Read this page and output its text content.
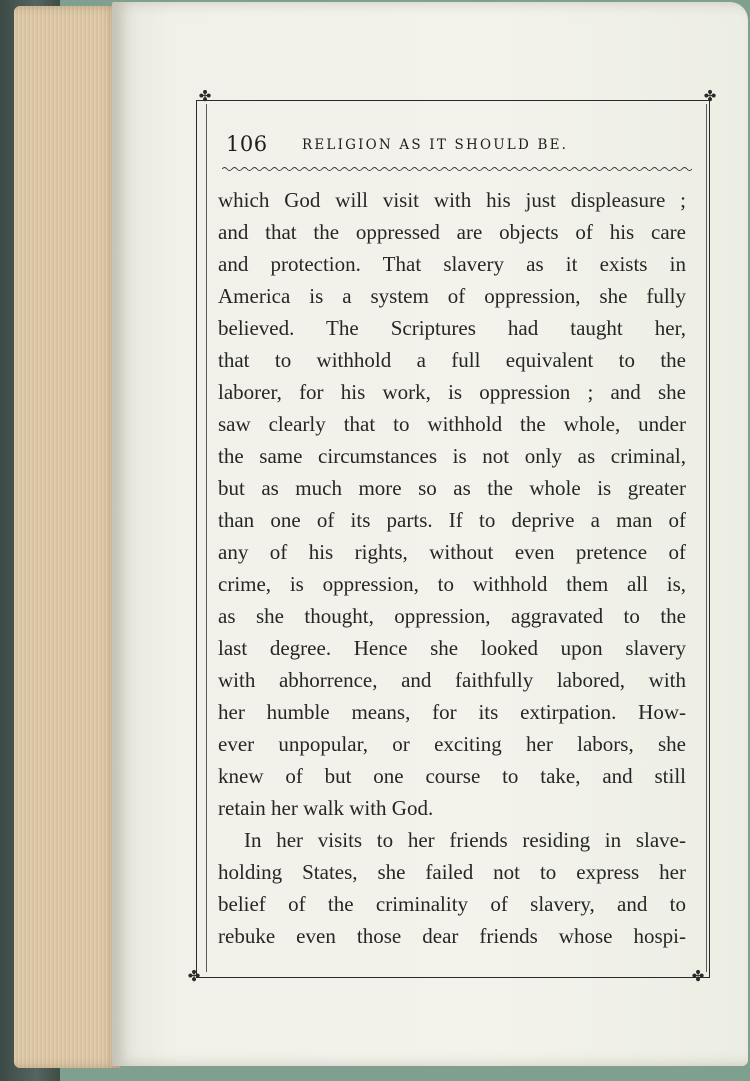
✤	✤
✤	✤
106	RELIGION AS IT SHOULD BE.
which God will visit with his just displeasure ;
and that the oppressed are objects of his care
and protection. That slavery as it exists in
America is a system of oppression, she fully
believed. The Scriptures had taught her,
that to withhold a full equivalent to the
laborer, for his work, is oppression ; and she
saw clearly that to withhold the whole, under
the same circumstances is not only as criminal,
but as much more so as the whole is greater
than one of its parts. If to deprive a man of
any of his rights, without even pretence of
crime, is oppression, to withhold them all is,
as she thought, oppression, aggravated to the
last degree. Hence she looked upon slavery
with abhorrence, and faithfully labored, with
her humble means, for its extirpation. How-
ever unpopular, or exciting her labors, she
knew of but one course to take, and still
retain her walk with God.
In her visits to her friends residing in slave-
holding States, she failed not to express her
belief of the criminality of slavery, and to
rebuke even those dear friends whose hospi-
